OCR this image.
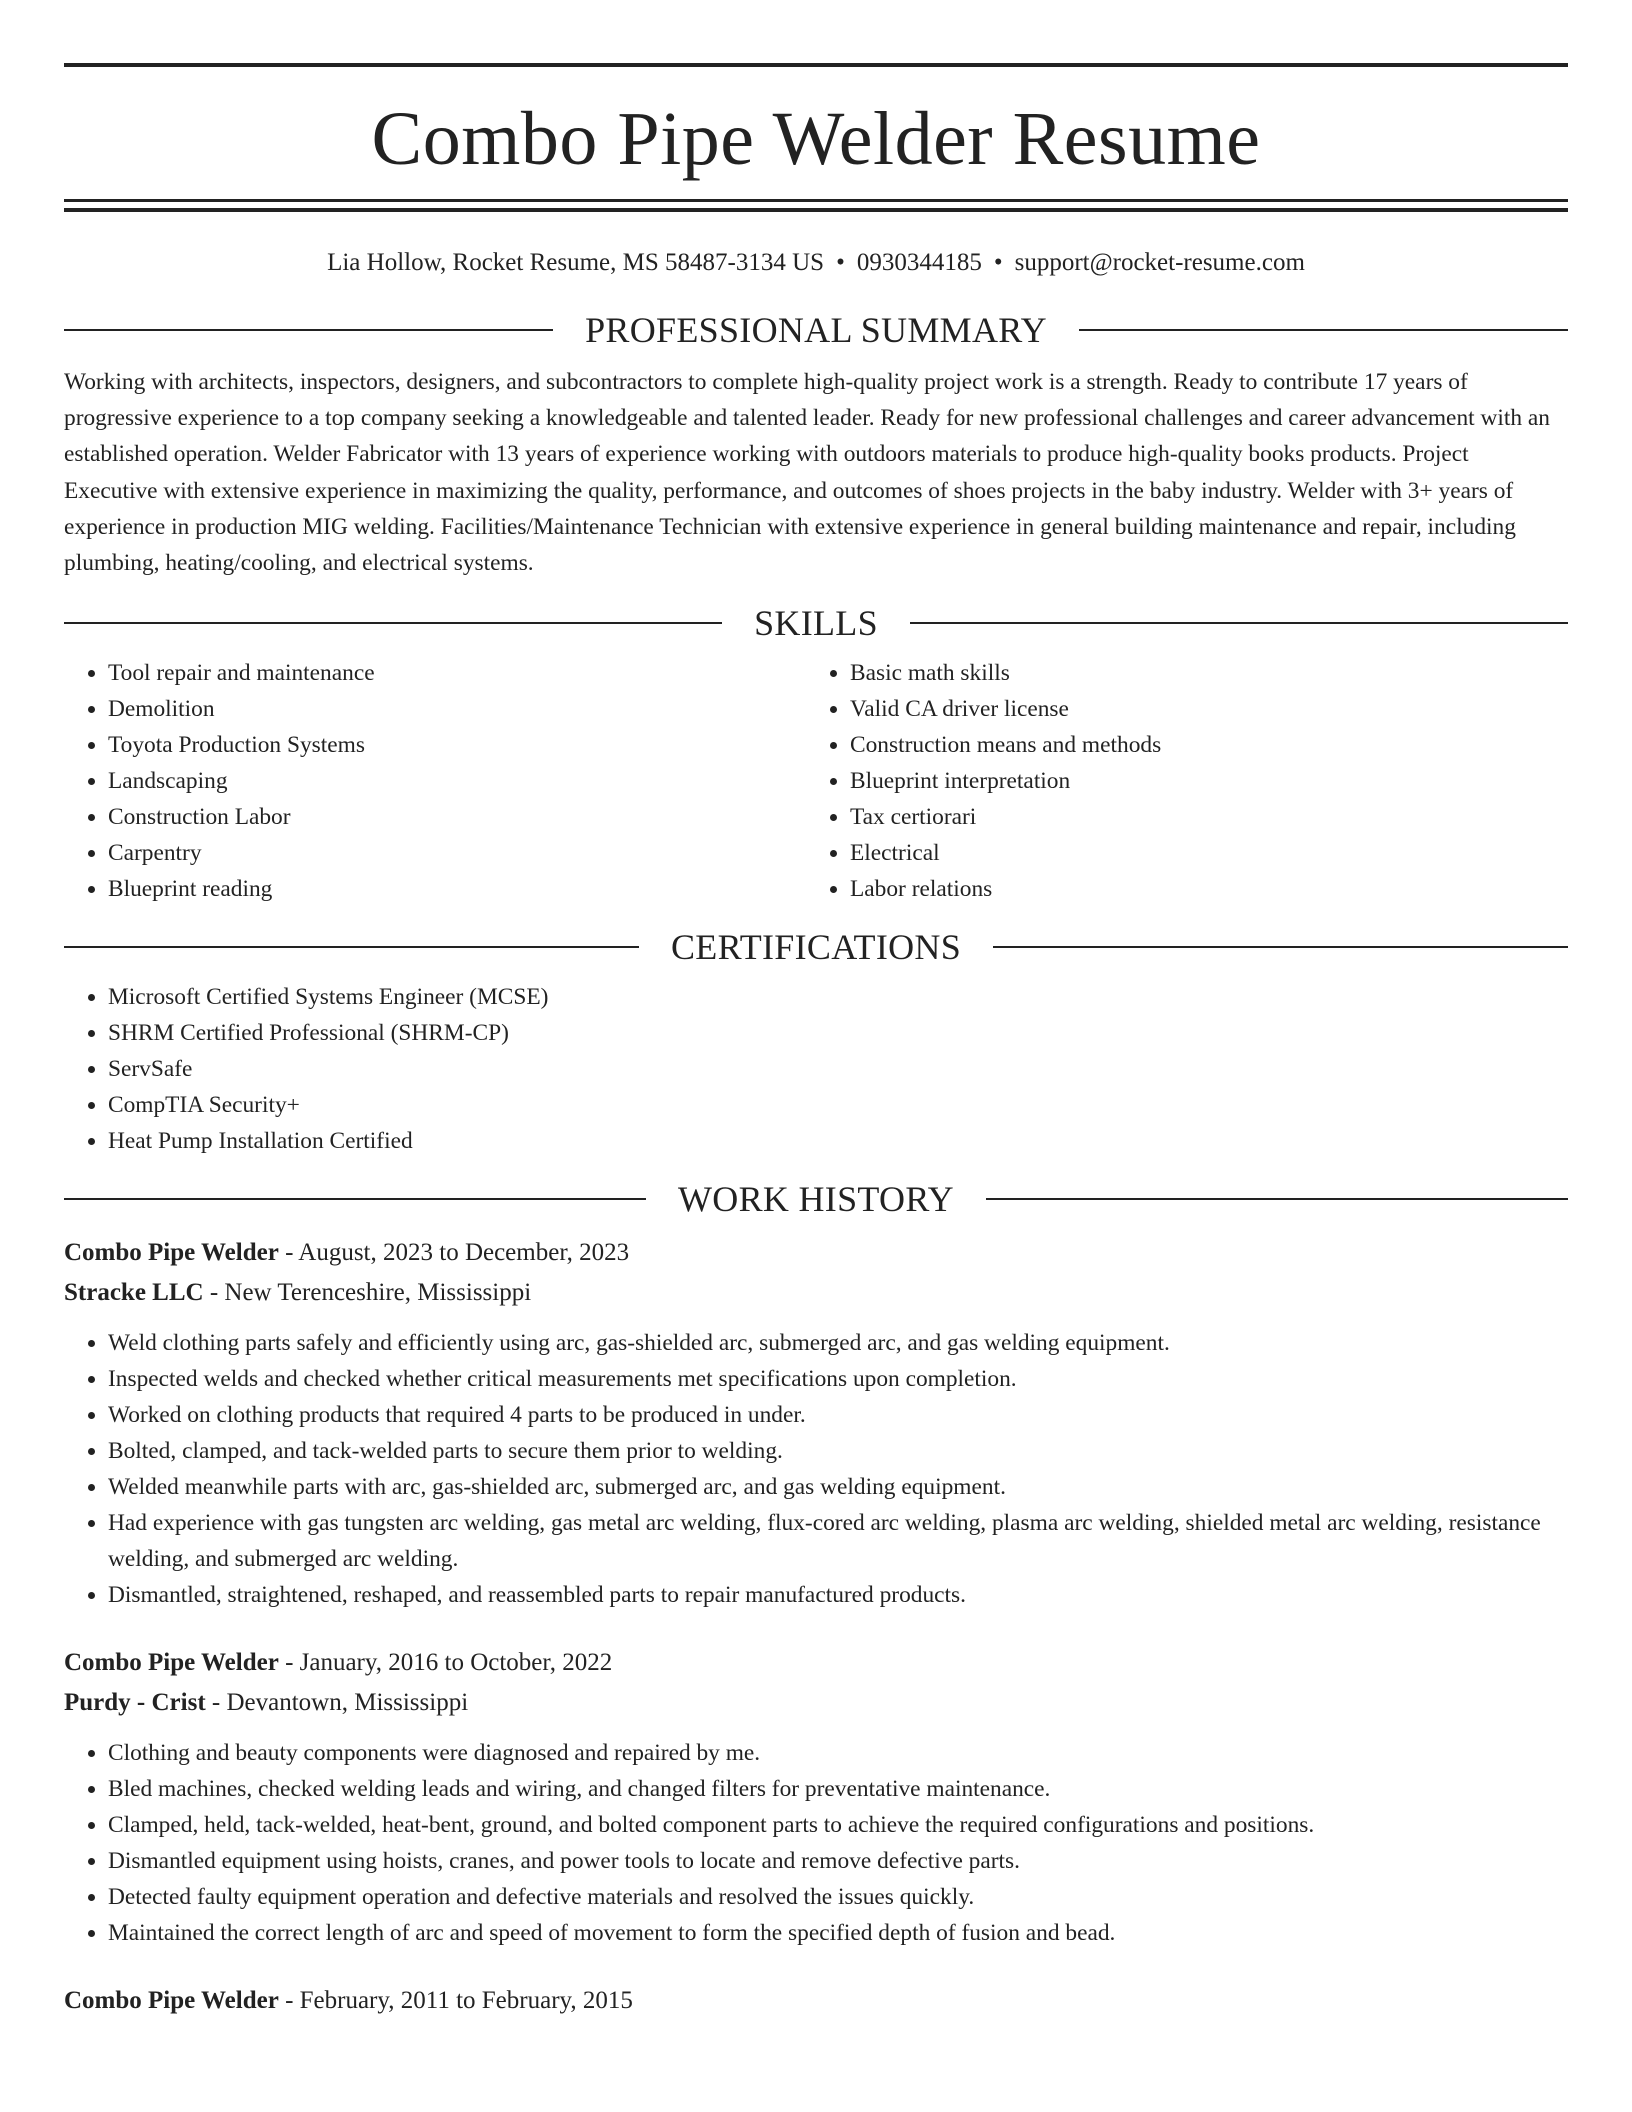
Combo Pipe Welder Resume
Lia Hollow, Rocket Resume, MS 58487-3134 US • 0930344185 • support@rocket-resume.com
PROFESSIONAL SUMMARY

Working with architects, inspectors, designers, and subcontractors to complete high-quality project work is a strength. Ready to contribute 17 years of progressive experience to a top company seeking a knowledgeable and talented leader. Ready for new professional challenges and career advancement with an established operation. Welder Fabricator with 13 years of experience working with outdoors materials to produce high-quality books products. Project Executive with extensive experience in maximizing the quality, performance, and outcomes of shoes projects in the baby industry. Welder with 3+ years of experience in production MIG welding. Facilities/Maintenance Technician with extensive experience in general building maintenance and repair, including plumbing, heating/cooling, and electrical systems.

SKILLS
• Tool repair and maintenance
• Demolition
• Toyota Production Systems
• Landscaping
• Construction Labor
• Carpentry
• Blueprint reading
• Basic math skills
• Valid CA driver license
• Construction means and methods
• Blueprint interpretation
• Tax certiorari
• Electrical
• Labor relations
CERTIFICATIONS
• Microsoft Certified Systems Engineer (MCSE)
• SHRM Certified Professional (SHRM-CP)
• ServSafe
• CompTIA Security+
• Heat Pump Installation Certified
WORK HISTORY
Combo Pipe Welder - August, 2023 to December, 2023
Stracke LLC - New Terenceshire, Mississippi
• Weld clothing parts safely and efficiently using arc, gas-shielded arc, submerged arc, and gas welding equipment.
• Inspected welds and checked whether critical measurements met specifications upon completion.
• Worked on clothing products that required 4 parts to be produced in under.
• Bolted, clamped, and tack-welded parts to secure them prior to welding.
• Welded meanwhile parts with arc, gas-shielded arc, submerged arc, and gas welding equipment.
• Had experience with gas tungsten arc welding, gas metal arc welding, flux-cored arc welding, plasma arc welding, shielded metal arc welding, resistance welding, and submerged arc welding.
• Dismantled, straightened, reshaped, and reassembled parts to repair manufactured products.
Combo Pipe Welder - January, 2016 to October, 2022
Purdy - Crist - Devantown, Mississippi
• Clothing and beauty components were diagnosed and repaired by me.
• Bled machines, checked welding leads and wiring, and changed filters for preventative maintenance.
• Clamped, held, tack-welded, heat-bent, ground, and bolted component parts to achieve the required configurations and positions.
• Dismantled equipment using hoists, cranes, and power tools to locate and remove defective parts.
• Detected faulty equipment operation and defective materials and resolved the issues quickly.
• Maintained the correct length of arc and speed of movement to form the specified depth of fusion and bead.
Combo Pipe Welder - February, 2011 to February, 2015
